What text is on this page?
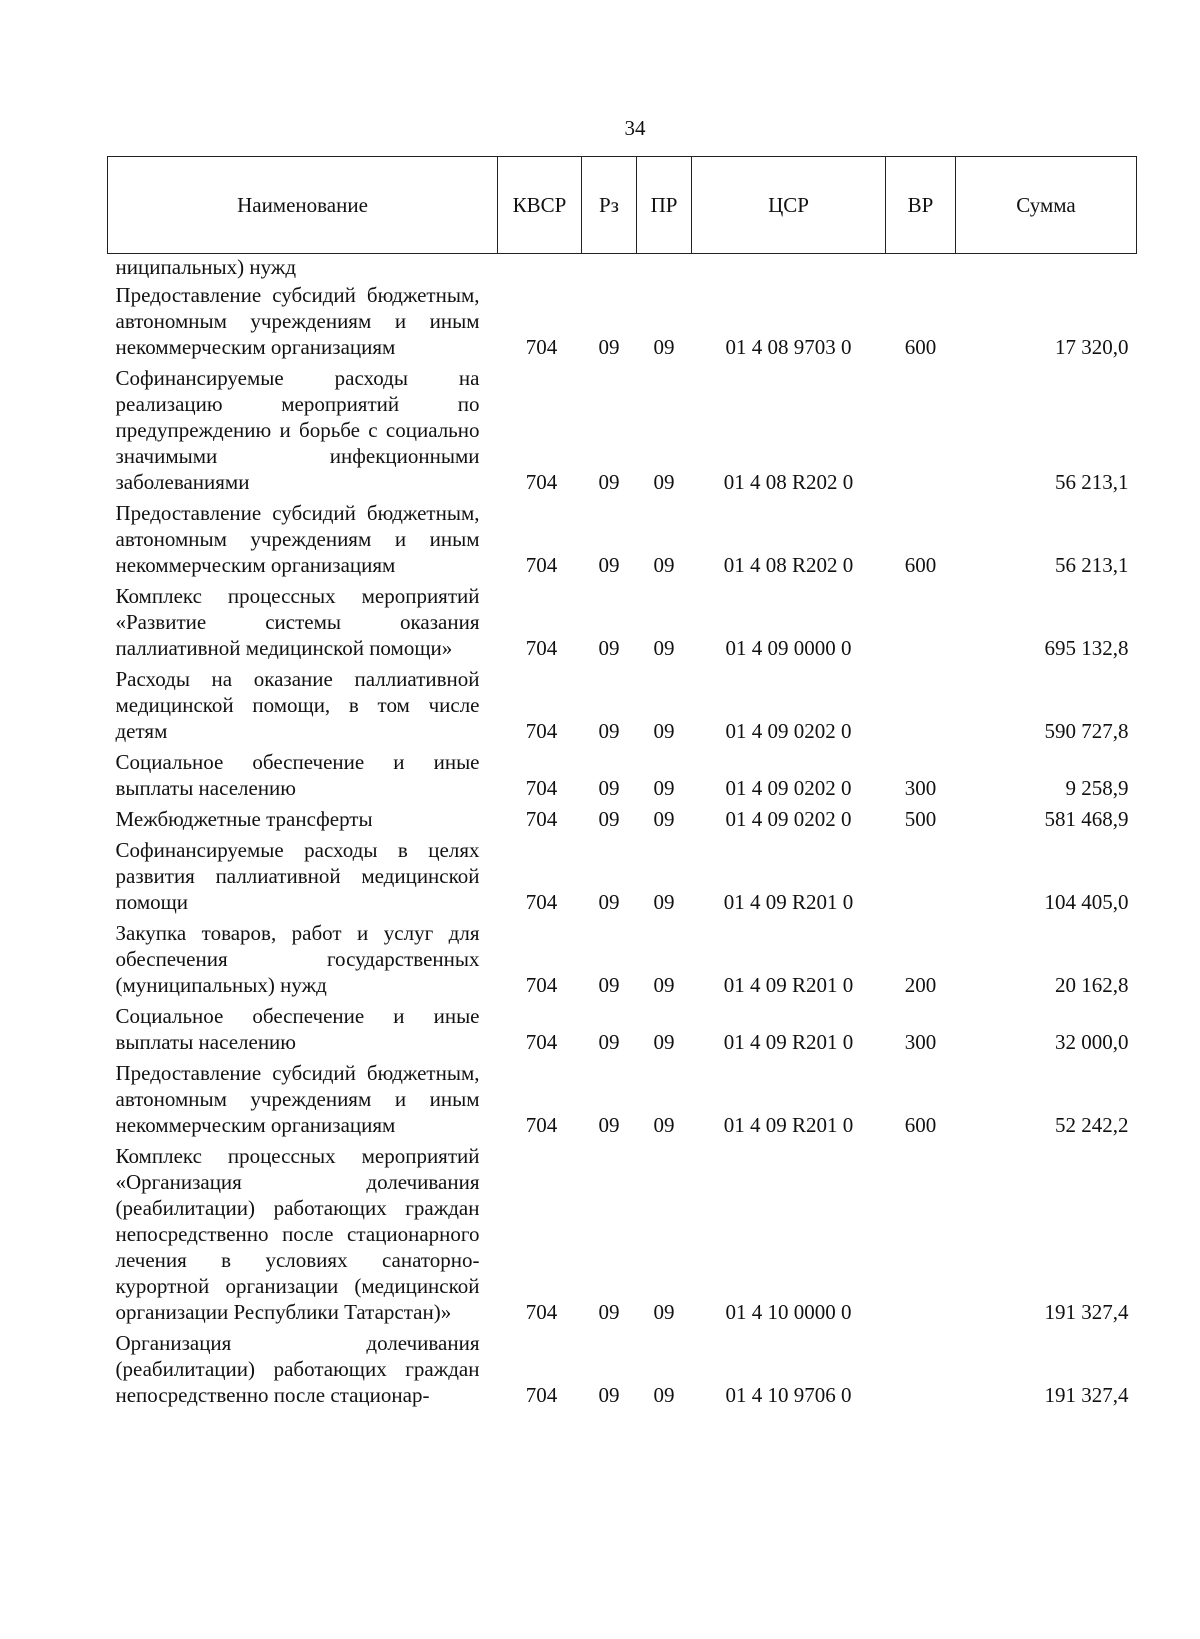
34
Наименование	КВСР	Рз	ПР	ЦСР	ВР	Сумма
ниципальных) нужд						
Предоставление субсидий бюджетным, автономным учреждениям и иным некоммерческим организациям	704	09	09	01 4 08 9703 0	600	17 320,0
Софинансируемые расходы на реализацию мероприятий по предупреждению и борьбе с социально значимыми инфекционными заболеваниями	704	09	09	01 4 08 R202 0		56 213,1
Предоставление субсидий бюджетным, автономным учреждениям и иным некоммерческим организациям	704	09	09	01 4 08 R202 0	600	56 213,1
Комплекс процессных мероприятий «Развитие системы оказания паллиативной медицинской помощи»	704	09	09	01 4 09 0000 0		695 132,8
Расходы на оказание паллиативной медицинской помощи, в том числе детям	704	09	09	01 4 09 0202 0		590 727,8
Социальное обеспечение и иные выплаты населению	704	09	09	01 4 09 0202 0	300	9 258,9
Межбюджетные трансферты	704	09	09	01 4 09 0202 0	500	581 468,9
Софинансируемые расходы в целях развития паллиативной медицинской помощи	704	09	09	01 4 09 R201 0		104 405,0
Закупка товаров, работ и услуг для обеспечения государственных (муниципальных) нужд	704	09	09	01 4 09 R201 0	200	20 162,8
Социальное обеспечение и иные выплаты населению	704	09	09	01 4 09 R201 0	300	32 000,0
Предоставление субсидий бюджетным, автономным учреждениям и иным некоммерческим организациям	704	09	09	01 4 09 R201 0	600	52 242,2
Комплекс процессных мероприятий «Организация долечивания (реабилитации) работающих граждан непосредственно после стационарного лечения в условиях санаторно-курортной организации (медицинской организации Республики Татарстан)»	704	09	09	01 4 10 0000 0		191 327,4
Организация долечивания (реабилитации) работающих граждан непосредственно после стационар-	704	09	09	01 4 10 9706 0		191 327,4
